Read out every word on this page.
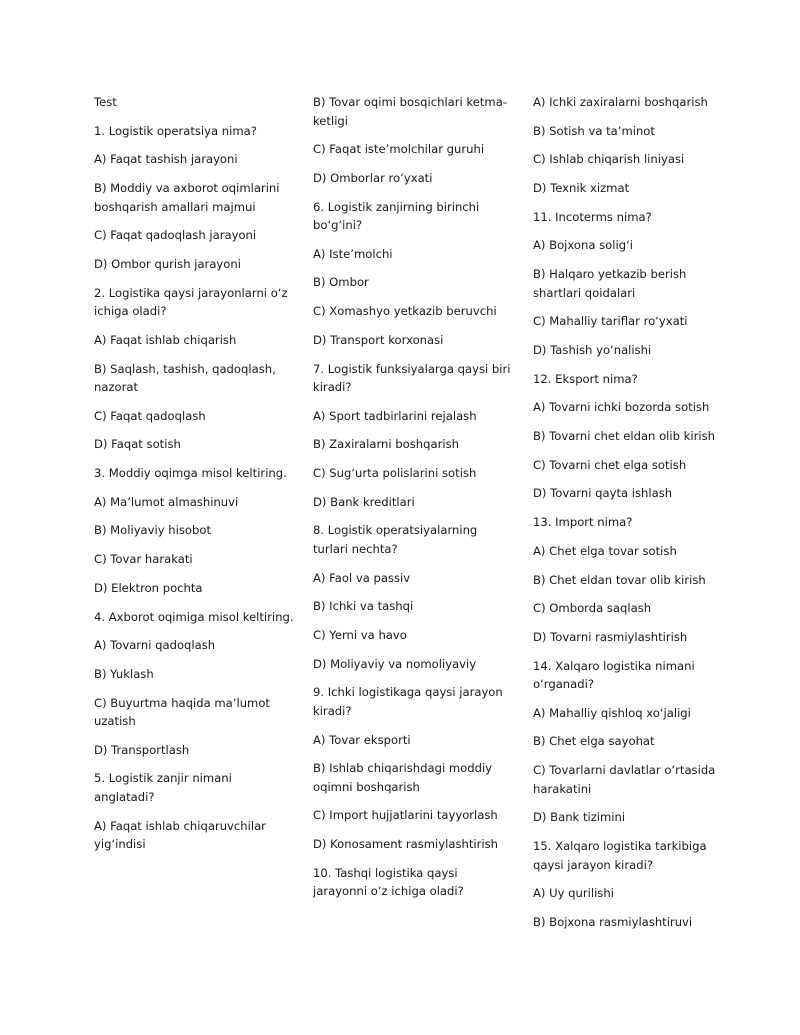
Test

1. Logistik operatsiya nima?

A) Faqat tashish jarayoni

B) Moddiy va axborot oqimlarini boshqarish amallari majmui

C) Faqat qadoqlash jarayoni

D) Ombor qurish jarayoni

2. Logistika qaysi jarayonlarni o‘z ichiga oladi?

A) Faqat ishlab chiqarish

B) Saqlash, tashish, qadoqlash, nazorat

C) Faqat qadoqlash

D) Faqat sotish

3. Moddiy oqimga misol keltiring.

A) Ma’lumot almashinuvi

B) Moliyaviy hisobot

C) Tovar harakati

D) Elektron pochta

4. Axborot oqimiga misol keltiring.

A) Tovarni qadoqlash

B) Yuklash

C) Buyurtma haqida ma’lumot uzatish

D) Transportlash

5. Logistik zanjir nimani anglatadi?

A) Faqat ishlab chiqaruvchilar yig‘indisi

B) Tovar oqimi bosqichlari ketma-ketligi

C) Faqat iste’molchilar guruhi

D) Omborlar ro‘yxati

6. Logistik zanjirning birinchi bo‘g‘ini?

A) Iste’molchi

B) Ombor

C) Xomashyo yetkazib beruvchi

D) Transport korxonasi

7. Logistik funksiyalarga qaysi biri kiradi?

A) Sport tadbirlarini rejalash

B) Zaxiralarni boshqarish

C) Sug‘urta polislarini sotish

D) Bank kreditlari

8. Logistik operatsiyalarning turlari nechta?

A) Faol va passiv

B) Ichki va tashqi

C) Yerni va havo

D) Moliyaviy va nomoliyaviy

9. Ichki logistikaga qaysi jarayon kiradi?

A) Tovar eksporti

B) Ishlab chiqarishdagi moddiy oqimni boshqarish

C) Import hujjatlarini tayyorlash

D) Konosament rasmiylashtirish

10. Tashqi logistika qaysi jarayonni o‘z ichiga oladi?

A) Ichki zaxiralarni boshqarish

B) Sotish va ta’minot

C) Ishlab chiqarish liniyasi

D) Texnik xizmat

11. Incoterms nima?

A) Bojxona solig‘i

B) Halqaro yetkazib berish shartlari qoidalari

C) Mahalliy tariflar ro‘yxati

D) Tashish yo‘nalishi

12. Eksport nima?

A) Tovarni ichki bozorda sotish

B) Tovarni chet eldan olib kirish

C) Tovarni chet elga sotish

D) Tovarni qayta ishlash

13. Import nima?

A) Chet elga tovar sotish

B) Chet eldan tovar olib kirish

C) Omborda saqlash

D) Tovarni rasmiylashtirish

14. Xalqaro logistika nimani o‘rganadi?

A) Mahalliy qishloq xo‘jaligi

B) Chet elga sayohat

C) Tovarlarni davlatlar o‘rtasida harakatini

D) Bank tizimini

15. Xalqaro logistika tarkibiga qaysi jarayon kiradi?

A) Uy qurilishi

B) Bojxona rasmiylashtiruvi
